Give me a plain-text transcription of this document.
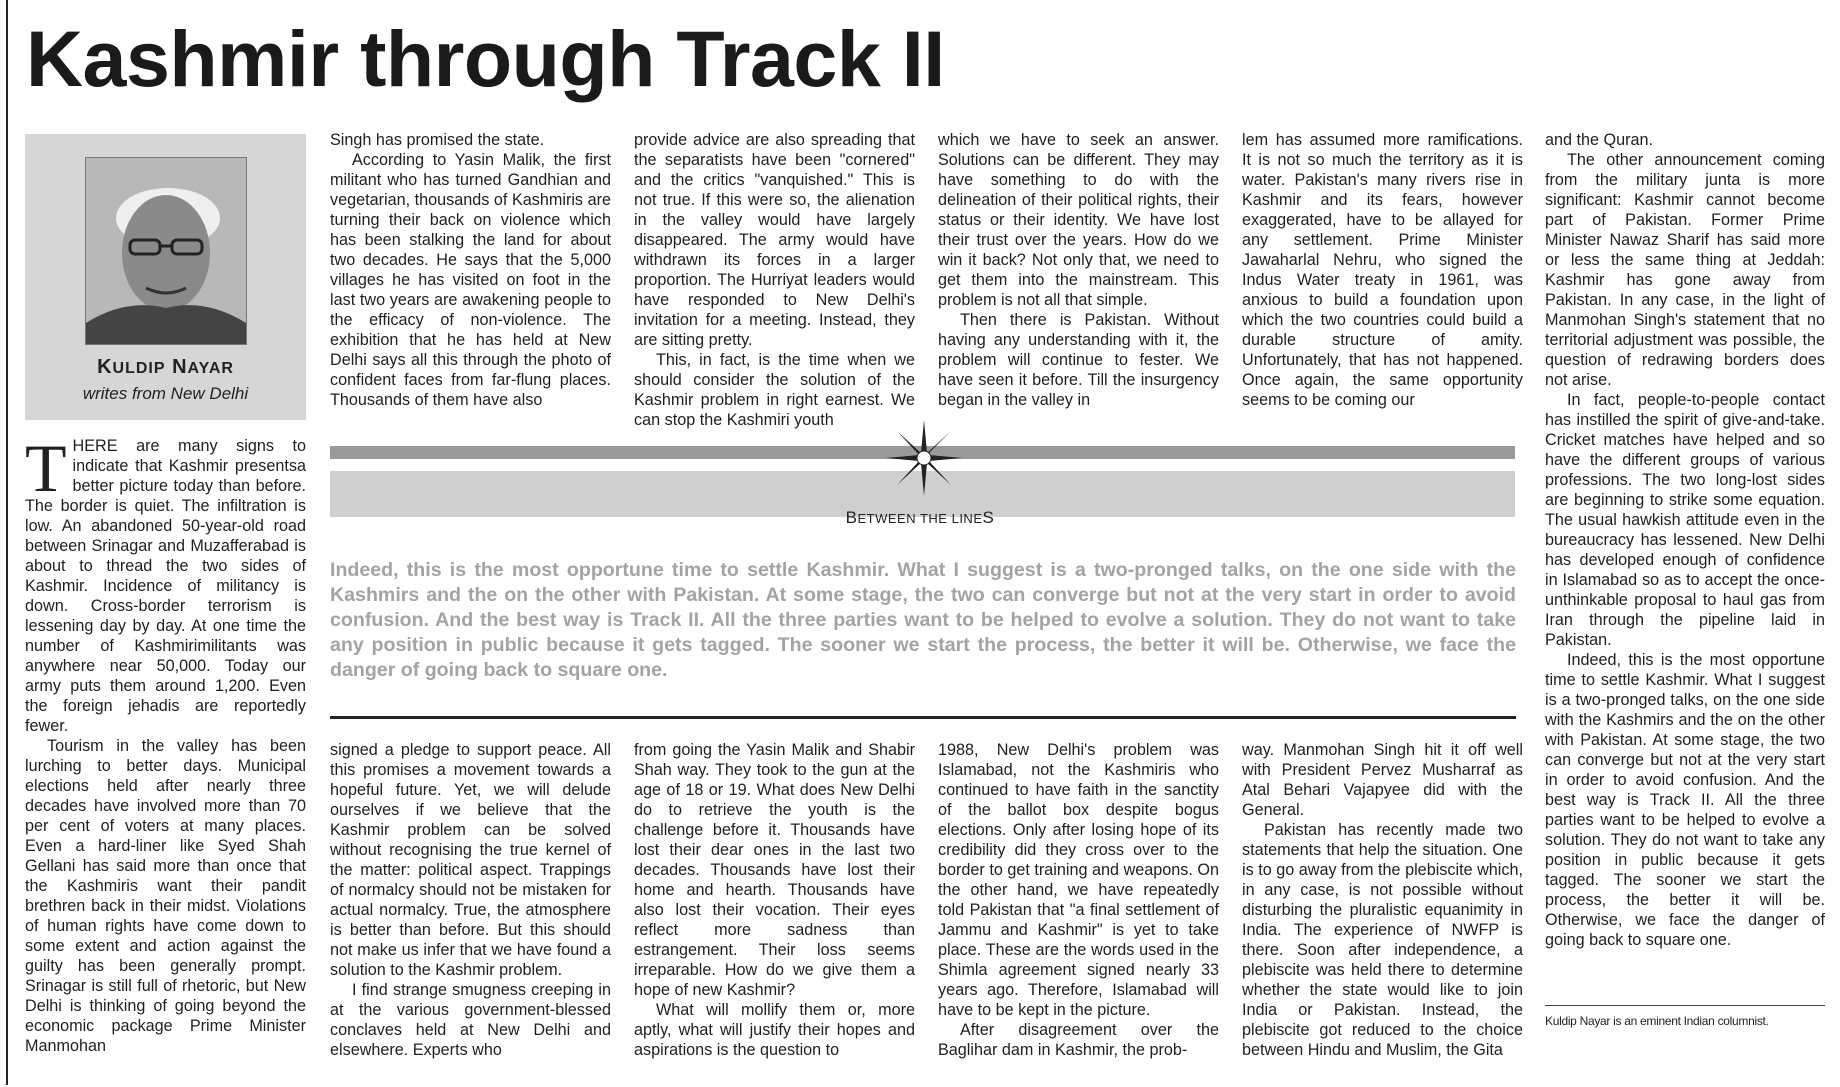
Kashmir through Track II
KULDIP NAYAR
writes from New Delhi

THERE are many signs to indicate that Kashmir presentsa better picture today than before. The border is quiet. The infiltration is low. An abandoned 50-year-old road between Srinagar and Muzafferabad is about to thread the two sides of Kashmir. Incidence of militancy is down. Cross-border terrorism is lessening day by day. At one time the number of Kashmirimilitants was anywhere near 50,000. Today our army puts them around 1,200. Even the foreign jehadis are reportedly fewer.

Tourism in the valley has been lurching to better days. Municipal elections held after nearly three decades have involved more than 70 per cent of voters at many places. Even a hard-liner like Syed Shah Gellani has said more than once that the Kashmiris want their pandit brethren back in their midst. Violations of human rights have come down to some extent and action against the guilty has been generally prompt. Srinagar is still full of rhetoric, but New Delhi is thinking of going beyond the economic package Prime Minister Manmohan

Singh has promised the state.

According to Yasin Malik, the first militant who has turned Gandhian and vegetarian, thousands of Kashmiris are turning their back on violence which has been stalking the land for about two decades. He says that the 5,000 villages he has visited on foot in the last two years are awakening people to the efficacy of non-violence. The exhibition that he has held at New Delhi says all this through the photo of confident faces from far-flung places. Thousands of them have also

provide advice are also spreading that the separatists have been "cornered" and the critics "vanquished." This is not true. If this were so, the alienation in the valley would have largely disappeared. The army would have withdrawn its forces in a larger proportion. The Hurriyat leaders would have responded to New Delhi's invitation for a meeting. Instead, they are sitting pretty.

This, in fact, is the time when we should consider the solution of the Kashmir problem in right earnest. We can stop the Kashmiri youth

which we have to seek an answer. Solutions can be different. They may have something to do with the delineation of their political rights, their status or their identity. We have lost their trust over the years. How do we win it back? Not only that, we need to get them into the mainstream. This problem is not all that simple.

Then there is Pakistan. Without having any understanding with it, the problem will continue to fester. We have seen it before. Till the insurgency began in the valley in

lem has assumed more ramifications. It is not so much the territory as it is water. Pakistan's many rivers rise in Kashmir and its fears, however exaggerated, have to be allayed for any settlement. Prime Minister Jawaharlal Nehru, who signed the Indus Water treaty in 1961, was anxious to build a foundation upon which the two countries could build a durable structure of amity. Unfortunately, that has not happened. Once again, the same opportunity seems to be coming our

BETWEEN THE LINES
Indeed, this is the most opportune time to settle Kashmir. What I suggest is a two-pronged talks, on the one side with the Kashmirs and the on the other with Pakistan. At some stage, the two can converge but not at the very start in order to avoid confusion. And the best way is Track II. All the three parties want to be helped to evolve a solution. They do not want to take any position in public because it gets tagged. The sooner we start the process, the better it will be. Otherwise, we face the danger of going back to square one.

signed a pledge to support peace. All this promises a movement towards a hopeful future. Yet, we will delude ourselves if we believe that the Kashmir problem can be solved without recognising the true kernel of the matter: political aspect. Trappings of normalcy should not be mistaken for actual normalcy. True, the atmosphere is better than before. But this should not make us infer that we have found a solution to the Kashmir problem.

I find strange smugness creeping in at the various government-blessed conclaves held at New Delhi and elsewhere. Experts who

from going the Yasin Malik and Shabir Shah way. They took to the gun at the age of 18 or 19. What does New Delhi do to retrieve the youth is the challenge before it. Thousands have lost their dear ones in the last two decades. Thousands have lost their home and hearth. Thousands have also lost their vocation. Their eyes reflect more sadness than estrangement. Their loss seems irreparable. How do we give them a hope of new Kashmir?

What will mollify them or, more aptly, what will justify their hopes and aspirations is the question to

1988, New Delhi's problem was Islamabad, not the Kashmiris who continued to have faith in the sanctity of the ballot box despite bogus elections. Only after losing hope of its credibility did they cross over to the border to get training and weapons. On the other hand, we have repeatedly told Pakistan that "a final settlement of Jammu and Kashmir" is yet to take place. These are the words used in the Shimla agreement signed nearly 33 years ago. Therefore, Islamabad will have to be kept in the picture.

After disagreement over the Baglihar dam in Kashmir, the prob-

way. Manmohan Singh hit it off well with President Pervez Musharraf as Atal Behari Vajapyee did with the General.

Pakistan has recently made two statements that help the situation. One is to go away from the plebiscite which, in any case, is not possible without disturbing the pluralistic equanimity in India. The experience of NWFP is there. Soon after independence, a plebiscite was held there to determine whether the state would like to join India or Pakistan. Instead, the plebiscite got reduced to the choice between Hindu and Muslim, the Gita

and the Quran.

The other announcement coming from the military junta is more significant: Kashmir cannot become part of Pakistan. Former Prime Minister Nawaz Sharif has said more or less the same thing at Jeddah: Kashmir has gone away from Pakistan. In any case, in the light of Manmohan Singh's statement that no territorial adjustment was possible, the question of redrawing borders does not arise.

In fact, people-to-people contact has instilled the spirit of give-and-take. Cricket matches have helped and so have the different groups of various professions. The two long-lost sides are beginning to strike some equation. The usual hawkish attitude even in the bureaucracy has lessened. New Delhi has developed enough of confidence in Islamabad so as to accept the once-unthinkable proposal to haul gas from Iran through the pipeline laid in Pakistan.

Indeed, this is the most opportune time to settle Kashmir. What I suggest is a two-pronged talks, on the one side with the Kashmirs and the on the other with Pakistan. At some stage, the two can converge but not at the very start in order to avoid confusion. And the best way is Track II. All the three parties want to be helped to evolve a solution. They do not want to take any position in public because it gets tagged. The sooner we start the process, the better it will be. Otherwise, we face the danger of going back to square one.

Kuldip Nayar is an eminent Indian columnist.
